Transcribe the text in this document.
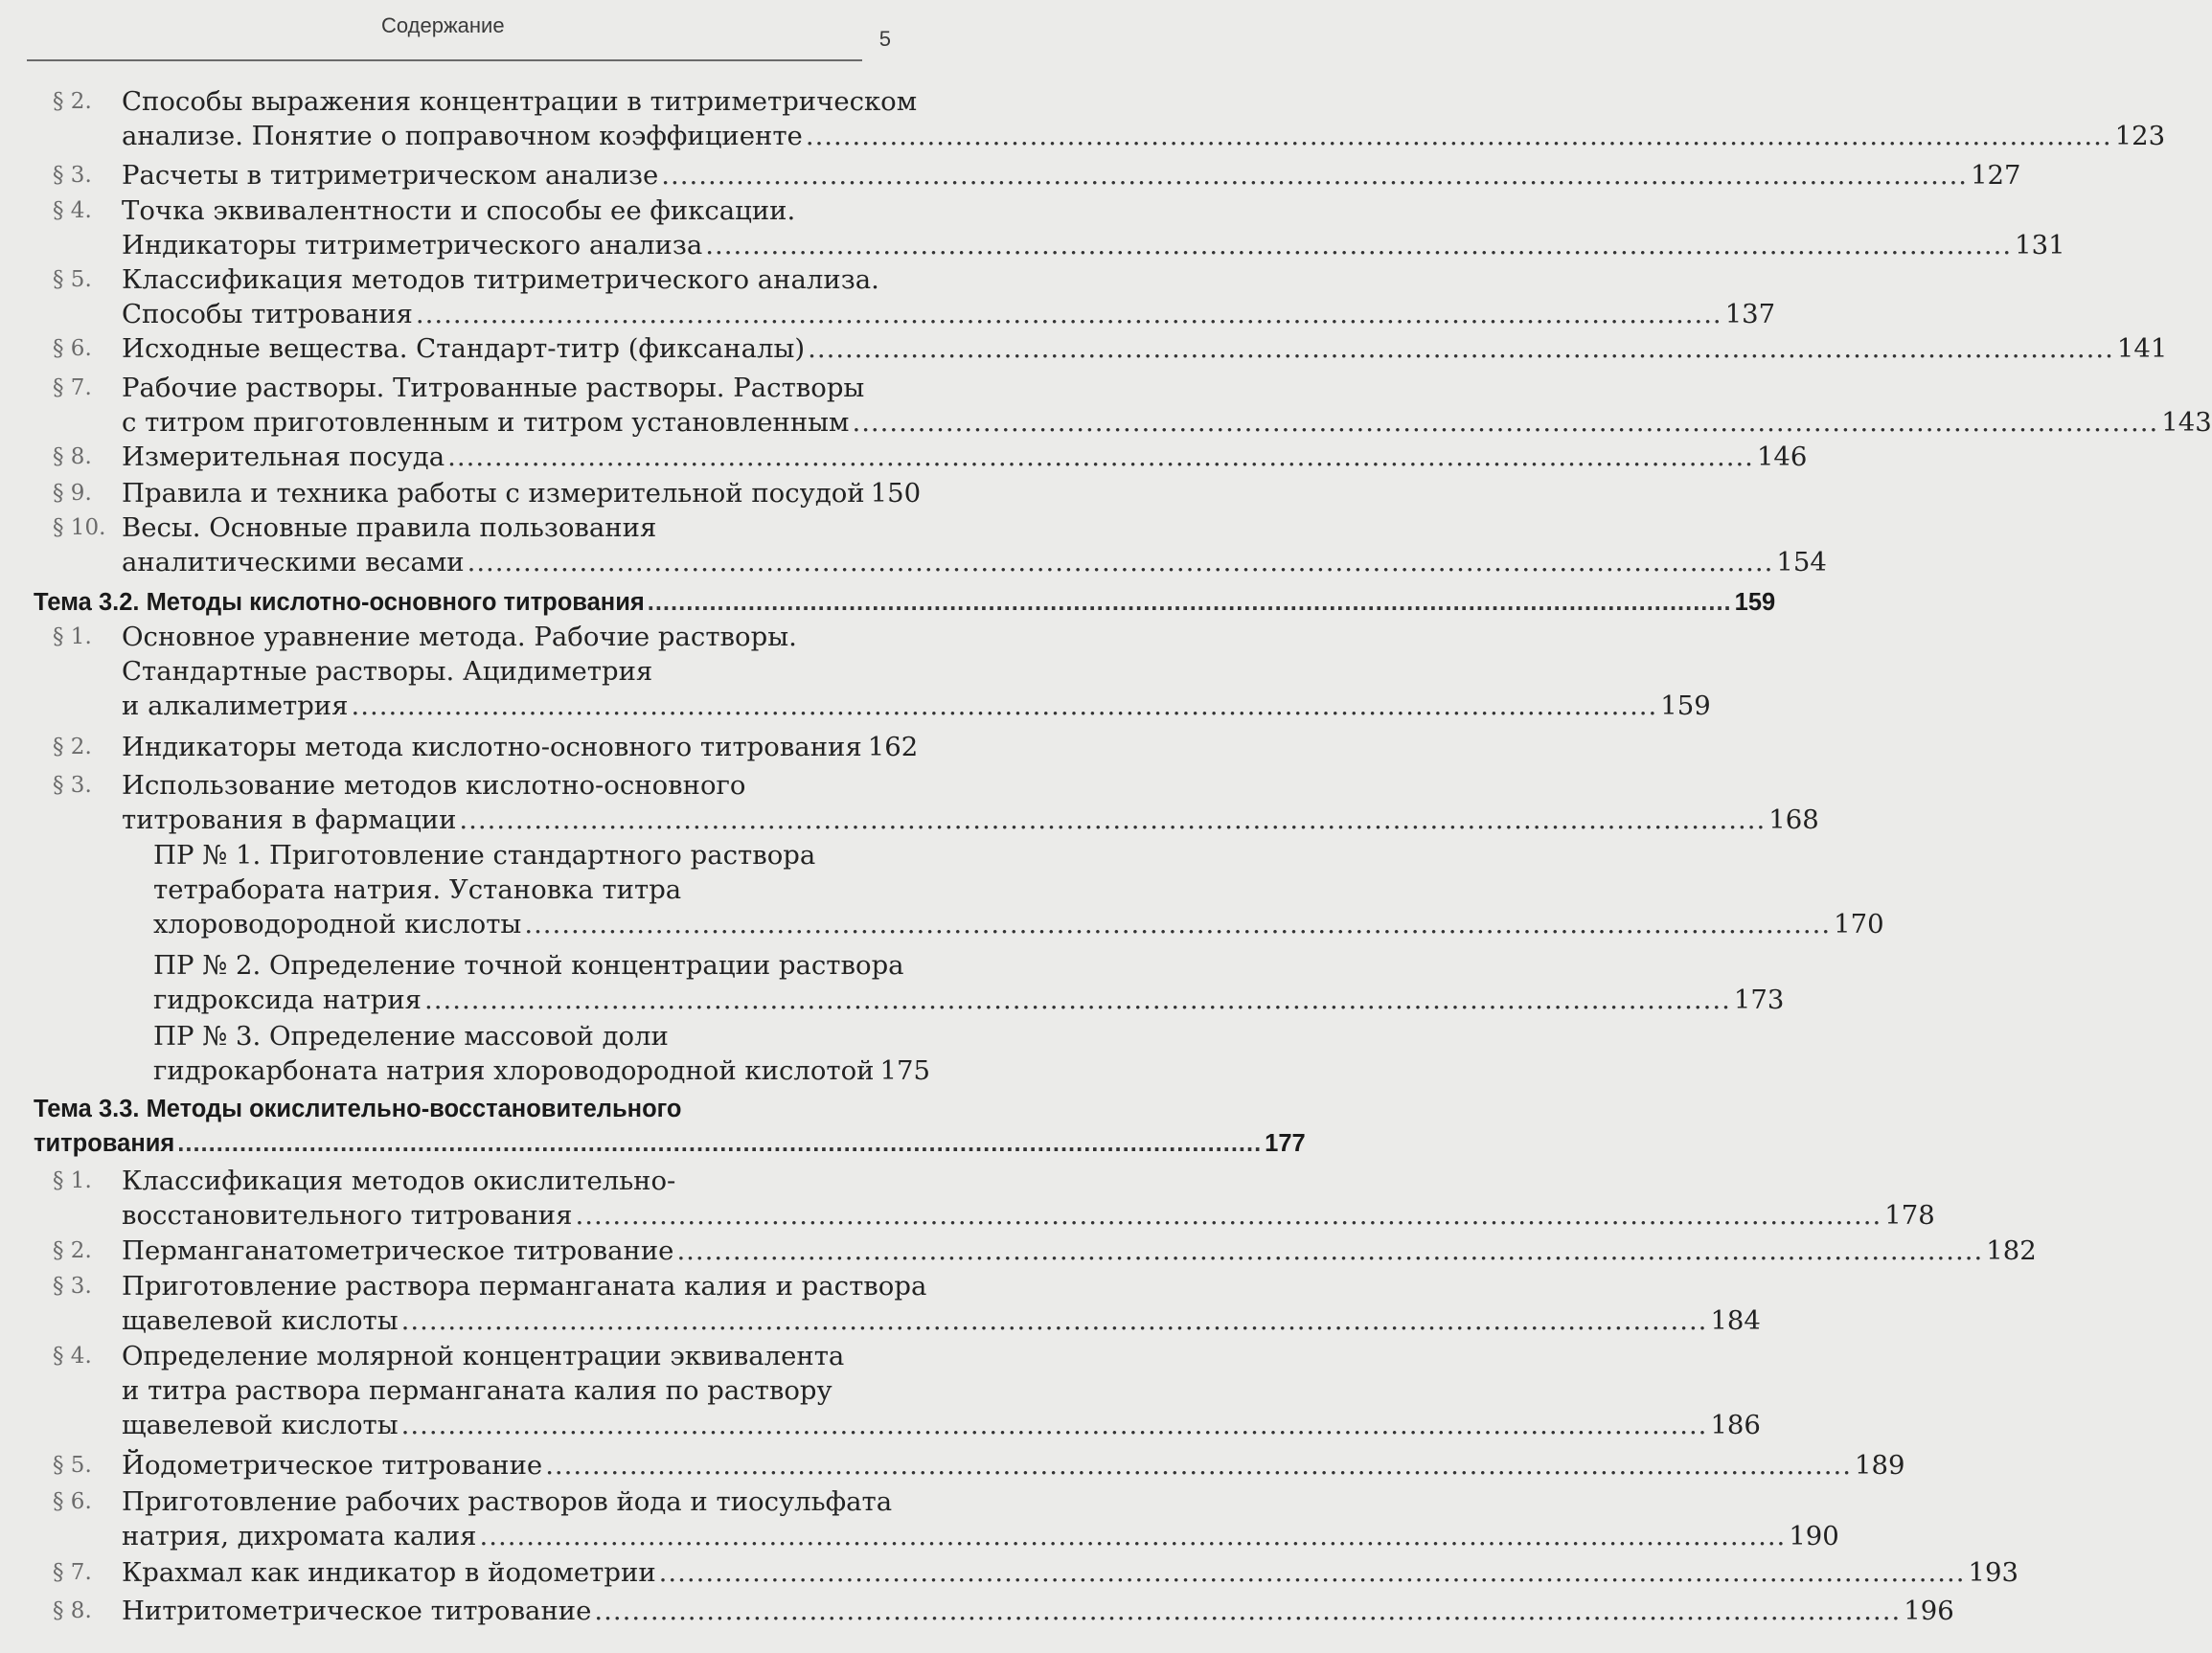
Содержание
5
§ 2. Способы выражения концентрации в титриметрическом
анализе. Понятие о поправочном коэффициенте ............................................................................................................................................ 123
§ 3. Расчеты в титриметрическом анализе ............................................................................................................................................ 127
§ 4. Точка эквивалентности и способы ее фиксации.
Индикаторы титриметрического анализа ............................................................................................................................................ 131
§ 5. Классификация методов титриметрического анализа.
Способы титрования ............................................................................................................................................ 137
§ 6. Исходные вещества. Стандарт-титр (фиксаналы) ............................................................................................................................................ 141
§ 7. Рабочие растворы. Титрованные растворы. Растворы
с титром приготовленным и титром установленным ............................................................................................................................................ 143
§ 8. Измерительная посуда ............................................................................................................................................ 146
§ 9. Правила и техника работы с измерительной посудой 150
§ 10. Весы. Основные правила пользования
аналитическими весами ............................................................................................................................................ 154
Тема 3.2. Методы кислотно-основного титрования ............................................................................................................................................ 159
§ 1. Основное уравнение метода. Рабочие растворы.
Стандартные растворы. Ацидиметрия
и алкалиметрия ............................................................................................................................................ 159
§ 2. Индикаторы метода кислотно-основного титрования 162
§ 3. Использование методов кислотно-основного
титрования в фармации ............................................................................................................................................ 168
ПР № 1. Приготовление стандартного раствора
тетрабората натрия. Установка титра
хлороводородной кислоты ............................................................................................................................................ 170
ПР № 2. Определение точной концентрации раствора
гидроксида натрия ............................................................................................................................................ 173
ПР № 3. Определение массовой доли
гидрокарбоната натрия хлороводородной кислотой 175
Тема 3.3. Методы окислительно-восстановительного
титрования ............................................................................................................................................ 177
§ 1. Классификация методов окислительно-
восстановительного титрования ............................................................................................................................................ 178
§ 2. Перманганатометрическое титрование ............................................................................................................................................ 182
§ 3. Приготовление раствора перманганата калия и раствора
щавелевой кислоты ............................................................................................................................................ 184
§ 4. Определение молярной концентрации эквивалента
и титра раствора перманганата калия по раствору
щавелевой кислоты ............................................................................................................................................ 186
§ 5. Йодометрическое титрование ............................................................................................................................................ 189
§ 6. Приготовление рабочих растворов йода и тиосульфата
натрия, дихромата калия ............................................................................................................................................ 190
§ 7. Крахмал как индикатор в йодометрии ............................................................................................................................................ 193
§ 8. Нитритометрическое титрование ............................................................................................................................................ 196
